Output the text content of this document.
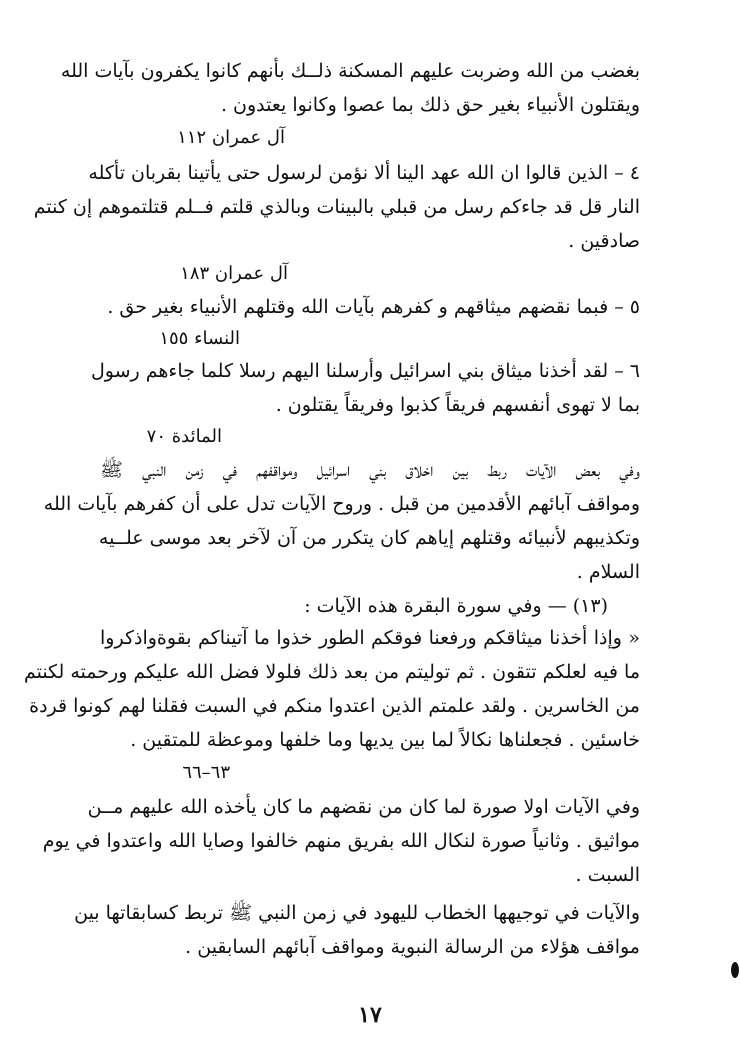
بغضب من الله وضربت عليهم المسكنة ذلــك بأنهم كانوا يكفرون بآيات الله
ويقتلون الأنبياء بغير حق ذلك بما عصوا وكانوا يعتدون .
آل عمران ١١٢
٤ – الذين قالوا ان الله عهد الينا ألا نؤمن لرسول حتى يأتينا بقربان تأكله
النار قل قد جاءكم رسل من قبلي بالبينات وبالذي قلتم فــلم قتلتموهم إن كنتم
صادقين .
آل عمران ١٨٣
٥ – فبما نقضهم ميثاقهم و كفرهم بآيات الله وقتلهم الأنبياء بغير حق .
النساء ١٥٥
٦ – لقد أخذنا ميثاق بني اسرائيل وأرسلنا اليهم رسلا كلما جاءهم رسول
بما لا تهوى أنفسهم فريقاً كذبوا وفريقاً يقتلون .
المائدة ٧٠
وفي بعض الآيات ربط بين اخلاق بني اسرائيل ومواقفهم في زمن النبي ﷺ
ومواقف آبائهم الأقدمين من قبل . وروح الآيات تدل على أن كفرهم بآيات الله
وتكذيبهم لأنبيائه وقتلهم إياهم كان يتكرر من آن لآخر بعد موسى علــيه
السلام .
(١٣) — وفي سورة البقرة هذه الآيات :
« وإذا أخذنا ميثاقكم ورفعنا فوقكم الطور خذوا ما آتيناكم بقوةواذكروا
ما فيه لعلكم تتقون . ثم توليتم من بعد ذلك فلولا فضل الله عليكم ورحمته لكنتم
من الخاسرين . ولقد علمتم الذين اعتدوا منكم في السبت فقلنا لهم كونوا قردة
خاسئين . فجعلناها نكالاً لما بين يديها وما خلفها وموعظة للمتقين .
٦٣–٦٦
وفي الآيات اولا صورة لما كان من نقضهم ما كان يأخذه الله عليهم مــن
مواثيق . وثانياً صورة لنكال الله بفريق منهم خالفوا وصايا الله واعتدوا في يوم
السبت .
والآيات في توجيهها الخطاب لليهود في زمن النبي ﷺ تربط كسابقاتها بين
مواقف هؤلاء من الرسالة النبوية ومواقف آبائهم السابقين .
١٧
